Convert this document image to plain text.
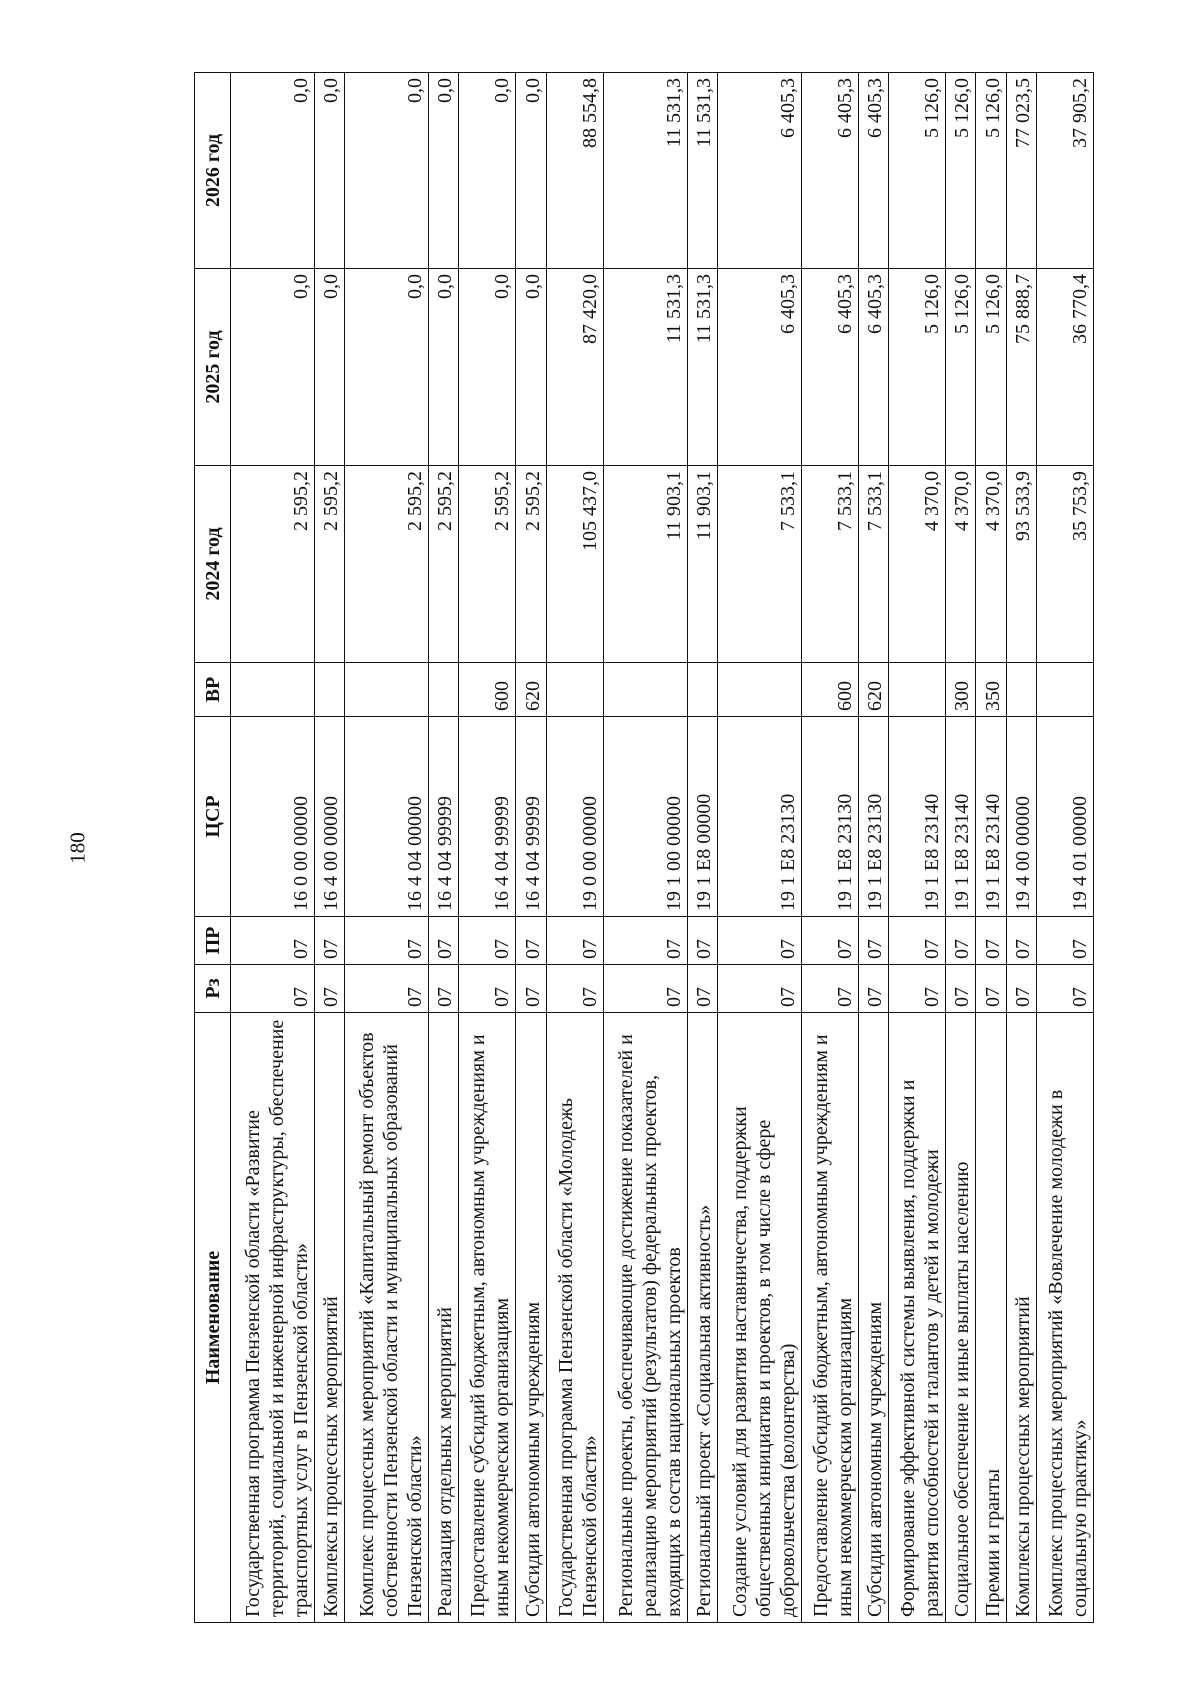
180
Наименование	Рз	ПР	ЦСР	ВР	2024 год	2025 год	2026 год
Государственная программа Пензенской области «Развитие территорий, социальной и инженерной инфраструктуры, обеспечение транспортных услуг в Пензенской области»	07	07	16 0 00 00000		2 595,2	0,0	0,0
Комплексы процессных мероприятий	07	07	16 4 00 00000		2 595,2	0,0	0,0
Комплекс процессных мероприятий «Капитальный ремонт объектов собственности Пензенской области и муниципальных образований Пензенской области»	07	07	16 4 04 00000		2 595,2	0,0	0,0
Реализация отдельных мероприятий	07	07	16 4 04 99999		2 595,2	0,0	0,0
Предоставление субсидий бюджетным, автономным учреждениям и иным некоммерческим организациям	07	07	16 4 04 99999	600	2 595,2	0,0	0,0
Субсидии автономным учреждениям	07	07	16 4 04 99999	620	2 595,2	0,0	0,0
Государственная программа Пензенской области «Молодежь Пензенской области»	07	07	19 0 00 00000		105 437,0	87 420,0	88 554,8
Региональные проекты, обеспечивающие достижение показателей и реализацию мероприятий (результатов) федеральных проектов, входящих в состав национальных проектов	07	07	19 1 00 00000		11 903,1	11 531,3	11 531,3
Региональный проект «Социальная активность»	07	07	19 1 Е8 00000		11 903,1	11 531,3	11 531,3
Создание условий для развития наставничества, поддержки общественных инициатив и проектов, в том числе в сфере добровольчества (волонтерства)	07	07	19 1 Е8 23130		7 533,1	6 405,3	6 405,3
Предоставление субсидий бюджетным, автономным учреждениям и иным некоммерческим организациям	07	07	19 1 Е8 23130	600	7 533,1	6 405,3	6 405,3
Субсидии автономным учреждениям	07	07	19 1 Е8 23130	620	7 533,1	6 405,3	6 405,3
Формирование эффективной системы выявления, поддержки и развития способностей и талантов у детей и молодежи	07	07	19 1 Е8 23140		4 370,0	5 126,0	5 126,0
Социальное обеспечение и иные выплаты населению	07	07	19 1 Е8 23140	300	4 370,0	5 126,0	5 126,0
Премии и гранты	07	07	19 1 Е8 23140	350	4 370,0	5 126,0	5 126,0
Комплексы процессных мероприятий	07	07	19 4 00 00000		93 533,9	75 888,7	77 023,5
Комплекс процессных мероприятий «Вовлечение молодежи в социальную практику»	07	07	19 4 01 00000		35 753,9	36 770,4	37 905,2
